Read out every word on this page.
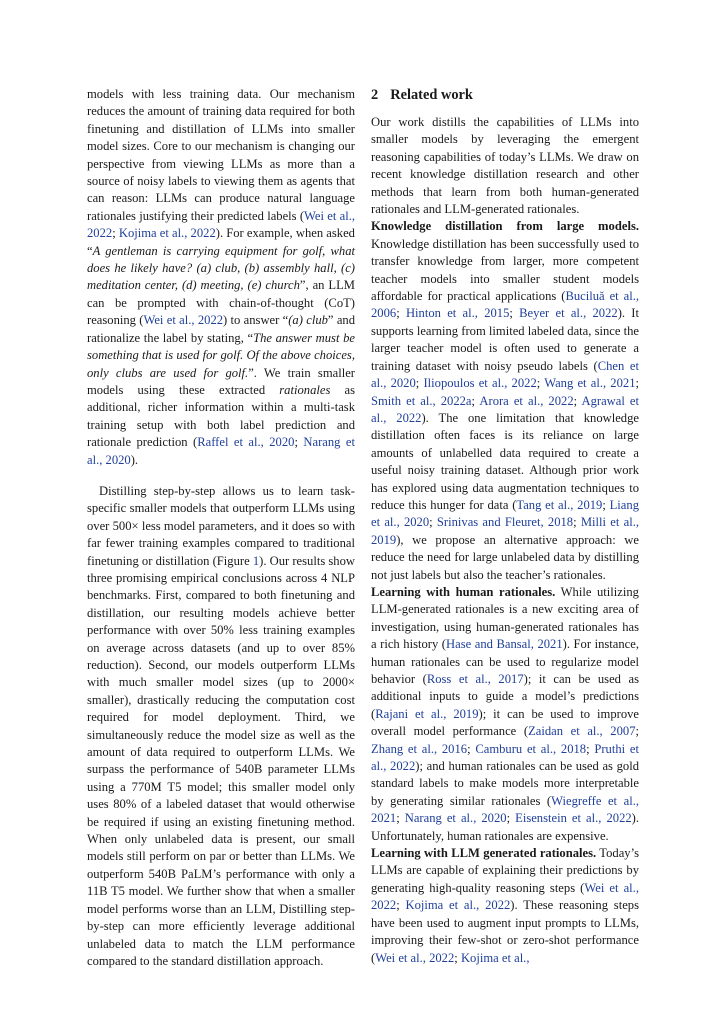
models with less training data. Our mechanism reduces the amount of training data required for both finetuning and distillation of LLMs into smaller model sizes. Core to our mechanism is changing our perspective from viewing LLMs as more than a source of noisy labels to viewing them as agents that can reason: LLMs can produce natural language rationales justifying their predicted labels (Wei et al., 2022; Kojima et al., 2022). For example, when asked “A gentleman is carrying equipment for golf, what does he likely have? (a) club, (b) assembly hall, (c) meditation center, (d) meeting, (e) church”, an LLM can be prompted with chain-of-thought (CoT) reasoning (Wei et al., 2022) to answer “(a) club” and rationalize the label by stating, “The answer must be something that is used for golf. Of the above choices, only clubs are used for golf.”. We train smaller models using these extracted rationales as additional, richer information within a multi-task training setup with both label prediction and rationale prediction (Raffel et al., 2020; Narang et al., 2020).

Distilling step-by-step allows us to learn task-specific smaller models that outperform LLMs using over 500× less model parameters, and it does so with far fewer training examples compared to traditional finetuning or distillation (Figure 1). Our results show three promising empirical conclusions across 4 NLP benchmarks. First, compared to both finetuning and distillation, our resulting models achieve better performance with over 50% less training examples on average across datasets (and up to over 85% reduction). Second, our models outperform LLMs with much smaller model sizes (up to 2000× smaller), drastically reducing the computation cost required for model deployment. Third, we simultaneously reduce the model size as well as the amount of data required to outperform LLMs. We surpass the performance of 540B parameter LLMs using a 770M T5 model; this smaller model only uses 80% of a labeled dataset that would otherwise be required if using an existing finetuning method. When only unlabeled data is present, our small models still perform on par or better than LLMs. We outperform 540B PaLM’s performance with only a 11B T5 model. We further show that when a smaller model performs worse than an LLM, Distilling step-by-step can more efficiently leverage additional unlabeled data to match the LLM performance compared to the standard distillation approach.

2 Related work

Our work distills the capabilities of LLMs into smaller models by leveraging the emergent reasoning capabilities of today’s LLMs. We draw on recent knowledge distillation research and other methods that learn from both human-generated rationales and LLM-generated rationales.

Knowledge distillation from large models. Knowledge distillation has been successfully used to transfer knowledge from larger, more competent teacher models into smaller student models affordable for practical applications (Buciluǎ et al., 2006; Hinton et al., 2015; Beyer et al., 2022). It supports learning from limited labeled data, since the larger teacher model is often used to generate a training dataset with noisy pseudo labels (Chen et al., 2020; Iliopoulos et al., 2022; Wang et al., 2021; Smith et al., 2022a; Arora et al., 2022; Agrawal et al., 2022). The one limitation that knowledge distillation often faces is its reliance on large amounts of unlabelled data required to create a useful noisy training dataset. Although prior work has explored using data augmentation techniques to reduce this hunger for data (Tang et al., 2019; Liang et al., 2020; Srinivas and Fleuret, 2018; Milli et al., 2019), we propose an alternative approach: we reduce the need for large unlabeled data by distilling not just labels but also the teacher’s rationales.

Learning with human rationales. While utilizing LLM-generated rationales is a new exciting area of investigation, using human-generated rationales has a rich history (Hase and Bansal, 2021). For instance, human rationales can be used to regularize model behavior (Ross et al., 2017); it can be used as additional inputs to guide a model’s predictions (Rajani et al., 2019); it can be used to improve overall model performance (Zaidan et al., 2007; Zhang et al., 2016; Camburu et al., 2018; Pruthi et al., 2022); and human rationales can be used as gold standard labels to make models more interpretable by generating similar rationales (Wiegreffe et al., 2021; Narang et al., 2020; Eisenstein et al., 2022). Unfortunately, human rationales are expensive.

Learning with LLM generated rationales. Today’s LLMs are capable of explaining their predictions by generating high-quality reasoning steps (Wei et al., 2022; Kojima et al., 2022). These reasoning steps have been used to augment input prompts to LLMs, improving their few-shot or zero-shot performance (Wei et al., 2022; Kojima et al.,
